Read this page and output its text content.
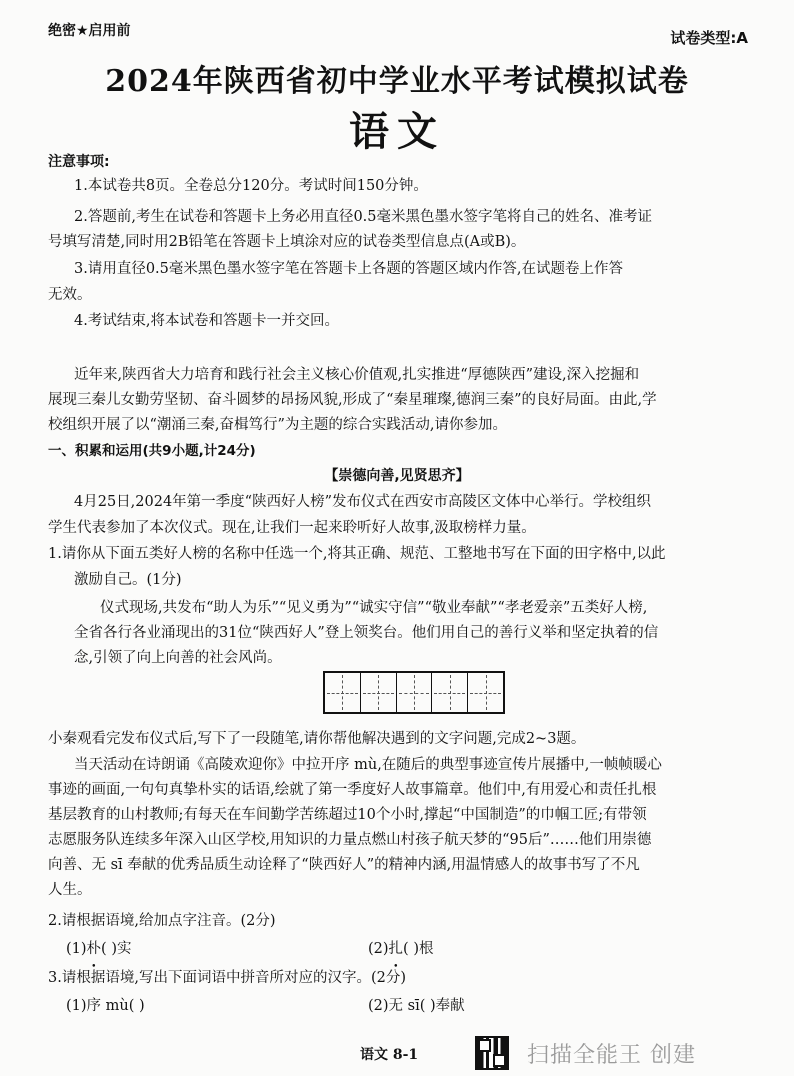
绝密★启用前	试卷类型:A
2024年陕西省初中学业水平考试模拟试卷
语文
注意事项:
1.本试卷共8页。全卷总分120分。考试时间150分钟。
2.答题前,考生在试卷和答题卡上务必用直径0.5毫米黑色墨水签字笔将自己的姓名、准考证
号填写清楚,同时用2B铅笔在答题卡上填涂对应的试卷类型信息点(A或B)。
3.请用直径0.5毫米黑色墨水签字笔在答题卡上各题的答题区域内作答,在试题卷上作答
无效。
4.考试结束,将本试卷和答题卡一并交回。
近年来,陕西省大力培育和践行社会主义核心价值观,扎实推进“厚德陕西”建设,深入挖掘和
展现三秦儿女勤劳坚韧、奋斗圆梦的昂扬风貌,形成了“秦星璀璨,德润三秦”的良好局面。由此,学
校组织开展了以“潮涌三秦,奋楫笃行”为主题的综合实践活动,请你参加。
一、积累和运用(共9小题,计24分)
【崇德向善,见贤思齐】
4月25日,2024年第一季度“陕西好人榜”发布仪式在西安市高陵区文体中心举行。学校组织
学生代表参加了本次仪式。现在,让我们一起来聆听好人故事,汲取榜样力量。
1.请你从下面五类好人榜的名称中任选一个,将其正确、规范、工整地书写在下面的田字格中,以此
激励自己。(1分)
仪式现场,共发布“助人为乐”“见义勇为”“诚实守信”“敬业奉献”“孝老爱亲”五类好人榜,
全省各行各业涌现出的31位“陕西好人”登上领奖台。他们用自己的善行义举和坚定执着的信
念,引领了向上向善的社会风尚。
小秦观看完发布仪式后,写下了一段随笔,请你帮他解决遇到的文字问题,完成2~3题。
当天活动在诗朗诵《高陵欢迎你》中拉开序 mù,在随后的典型事迹宣传片展播中,一帧帧暖心
事迹的画面,一句句真挚朴实的话语,绘就了第一季度好人故事篇章。他们中,有用爱心和责任扎根
基层教育的山村教师;有每天在车间勤学苦练超过10个小时,撑起“中国制造”的巾帼工匠;有带领
志愿服务队连续多年深入山区学校,用知识的力量点燃山村孩子航天梦的“95后”……他们用崇德
向善、无 sī 奉献的优秀品质生动诠释了“陕西好人”的精神内涵,用温情感人的故事书写了不凡
人生。
2.请根据语境,给加点字注音。(2分)
(1)朴( )实	(2)扎( )根
3.请根据语境,写出下面词语中拼音所对应的汉字。(2分)
(1)序 mù( )	(2)无 sī( )奉献
语文 8-1	扫描全能王 创建
